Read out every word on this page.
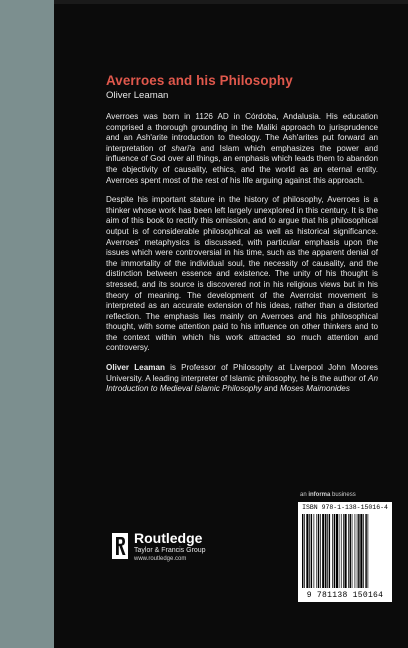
Averroes and his Philosophy
Oliver Leaman

Averroes was born in 1126 AD in Córdoba, Andalusia. His education comprised a thorough grounding in the Maliki approach to jurisprudence and an Ash'arite introduction to theology. The Ash'arites put forward an interpretation of sharī'a and Islam which emphasizes the power and influence of God over all things, an emphasis which leads them to abandon the objectivity of causality, ethics, and the world as an eternal entity. Averroes spent most of the rest of his life arguing against this approach.

Despite his important stature in the history of philosophy, Averroes is a thinker whose work has been left largely unexplored in this century. It is the aim of this book to rectify this omission, and to argue that his philosophical output is of considerable philosophical as well as historical significance. Averroes' metaphysics is discussed, with particular emphasis upon the issues which were controversial in his time, such as the apparent denial of the immortality of the individual soul, the necessity of causality, and the distinction between essence and existence. The unity of his thought is stressed, and its source is discovered not in his religious views but in his theory of meaning. The development of the Averroist movement is interpreted as an accurate extension of his ideas, rather than a distorted reflection. The emphasis lies mainly on Averroes and his philosophical thought, with some attention paid to his influence on other thinkers and to the context within which his work attracted so much attention and controversy.

Oliver Leaman is Professor of Philosophy at Liverpool John Moores University. A leading interpreter of Islamic philosophy, he is the author of An Introduction to Medieval Islamic Philosophy and Moses Maimonides

an informa business
ISBN 978-1-138-15016-4
9 781138 150164
Routledge
Taylor & Francis Group
www.routledge.com
